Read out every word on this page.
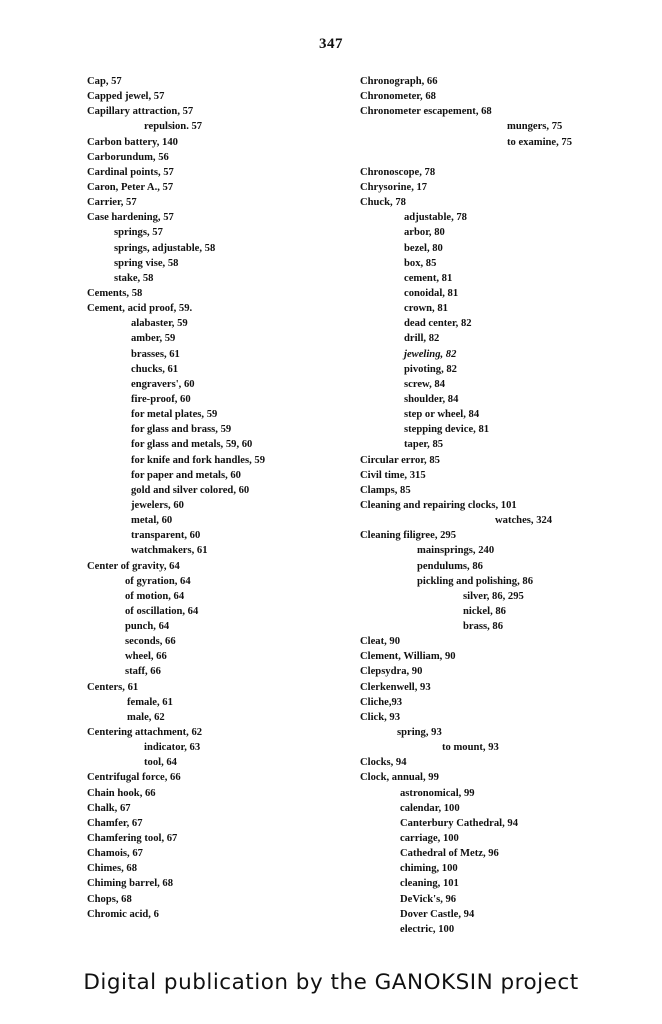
347
Cap, 57
Capped jewel, 57
Capillary attraction, 57
repulsion. 57
Carbon battery, 140
Carborundum, 56
Cardinal points, 57
Caron, Peter A., 57
Carrier, 57
Case hardening, 57
springs, 57
springs, adjustable, 58
spring vise, 58
stake, 58
Cements, 58
Cement, acid proof, 59.
alabaster, 59
amber, 59
brasses, 61
chucks, 61
engravers', 60
fire-proof, 60
for metal plates, 59
for glass and brass, 59
for glass and metals, 59, 60
for knife and fork handles, 59
for paper and metals, 60
gold and silver colored, 60
jewelers, 60
metal, 60
transparent, 60
watchmakers, 61
Center of gravity, 64
of gyration, 64
of motion, 64
of oscillation, 64
punch, 64
seconds, 66
wheel, 66
staff, 66
Centers, 61
female, 61
male, 62
Centering attachment, 62
indicator, 63
tool, 64
Centrifugal force, 66
Chain hook, 66
Chalk, 67
Chamfer, 67
Chamfering tool, 67
Chamois, 67
Chimes, 68
Chiming barrel, 68
Chops, 68
Chromic acid, 6
Chronograph, 66
Chronometer, 68
Chronometer escapement, 68
mungers, 75
to examine, 75
Chronoscope, 78
Chrysorine, 17
Chuck, 78
adjustable, 78
arbor, 80
bezel, 80
box, 85
cement, 81
conoidal, 81
crown, 81
dead center, 82
drill, 82
jeweling, 82
pivoting, 82
screw, 84
shoulder, 84
step or wheel, 84
stepping device, 81
taper, 85
Circular error, 85
Civil time, 315
Clamps, 85
Cleaning and repairing clocks, 101
watches, 324
Cleaning filigree, 295
mainsprings, 240
pendulums, 86
pickling and polishing, 86
silver, 86, 295
nickel, 86
brass, 86
Cleat, 90
Clement, William, 90
Clepsydra, 90
Clerkenwell, 93
Cliche,93
Click, 93
spring, 93
to mount, 93
Clocks, 94
Clock, annual, 99
astronomical, 99
calendar, 100
Canterbury Cathedral, 94
carriage, 100
Cathedral of Metz, 96
chiming, 100
cleaning, 101
DeVick's, 96
Dover Castle, 94
electric, 100
Digital publication by the GANOKSIN project
